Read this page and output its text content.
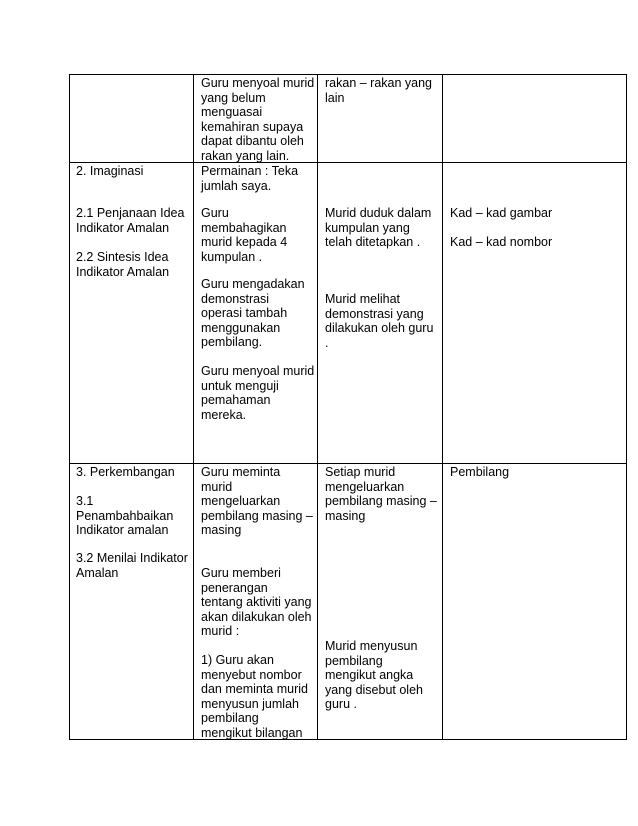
Guru menyoal murid
yang belum
menguasai
kemahiran supaya
dapat dibantu oleh
rakan yang lain.
rakan – rakan yang
lain
2. Imaginasi
2.1 Penjanaan Idea
Indikator Amalan
2.2 Sintesis Idea
Indikator Amalan
Permainan : Teka
jumlah saya.
Guru
membahagikan
murid kepada 4
kumpulan .
Guru mengadakan
demonstrasi
operasi tambah
menggunakan
pembilang.
Guru menyoal murid
untuk menguji
pemahaman
mereka.
Murid duduk dalam
kumpulan yang
telah ditetapkan .
Murid melihat
demonstrasi yang
dilakukan oleh guru
.
Kad – kad gambar
Kad – kad nombor
3. Perkembangan
3.1
Penambahbaikan
Indikator amalan
3.2 Menilai Indikator
Amalan
Guru meminta
murid
mengeluarkan
pembilang masing –
masing
Guru memberi
penerangan
tentang aktiviti yang
akan dilakukan oleh
murid :
1) Guru akan
menyebut nombor
dan meminta murid
menyusun jumlah
pembilang
mengikut bilangan
Setiap murid
mengeluarkan
pembilang masing –
masing
Murid menyusun
pembilang
mengikut angka
yang disebut oleh
guru .
Pembilang
